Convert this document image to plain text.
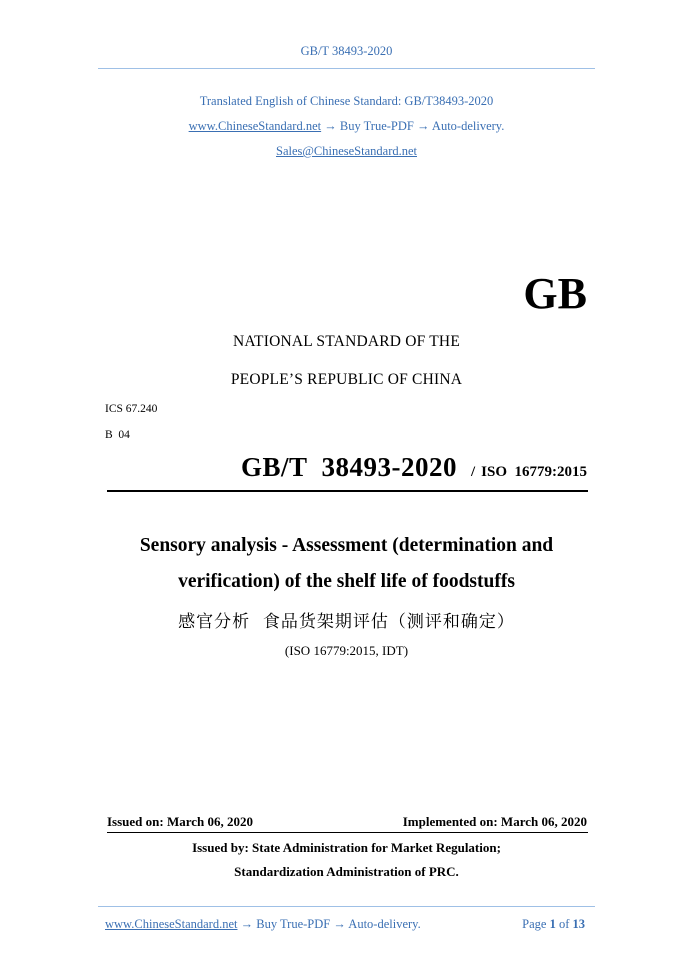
GB/T 38493-2020
Translated English of Chinese Standard: GB/T38493-2020
www.ChineseStandard.net → Buy True-PDF → Auto-delivery.
Sales@ChineseStandard.net
GB
NATIONAL STANDARD OF THE
PEOPLE’S REPUBLIC OF CHINA
ICS 67.240
B  04
GB/T  38493-2020 / ISO  16779:2015
Sensory analysis - Assessment (determination and
verification) of the shelf life of foodstuffs
感官分析  食品货架期评估（测评和确定）
(ISO 16779:2015, IDT)
Issued on: March 06, 2020	Implemented on: March 06, 2020
Issued by: State Administration for Market Regulation;
Standardization Administration of PRC.
www.ChineseStandard.net → Buy True-PDF → Auto-delivery.	Page 1 of 13
